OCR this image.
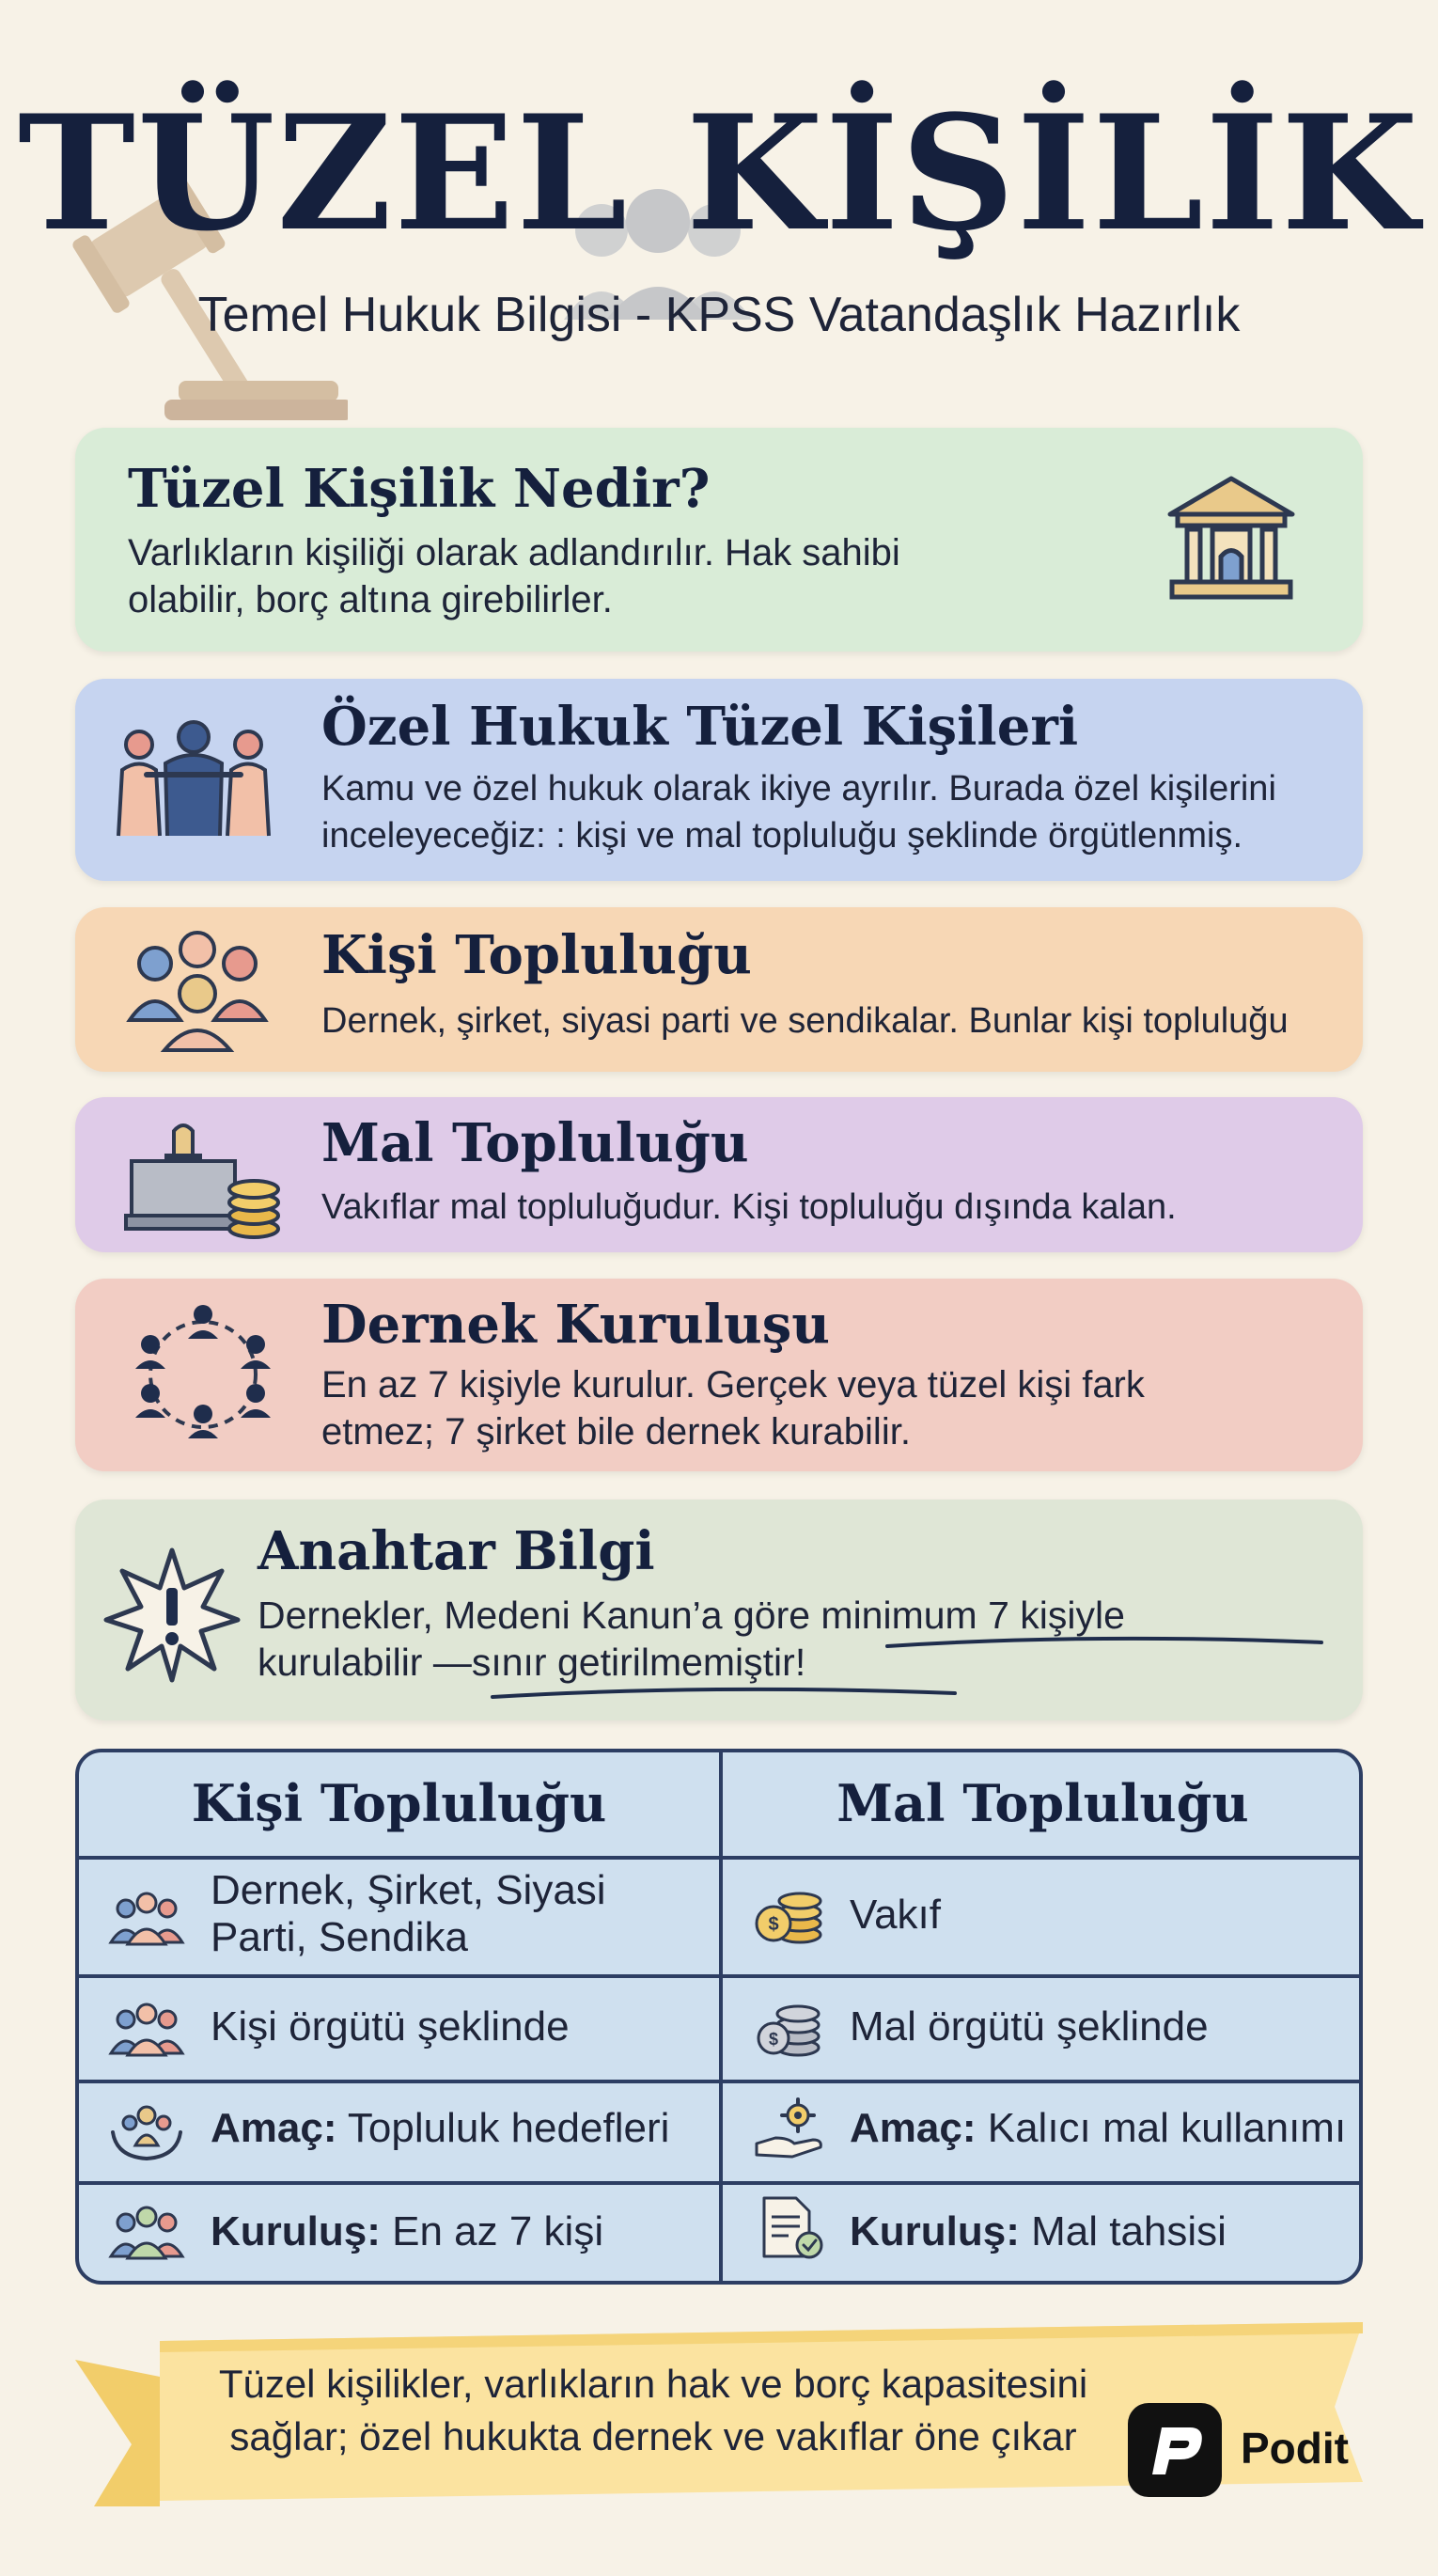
TÜZEL KİŞİLİK
Temel Hukuk Bilgisi - KPSS Vatandaşlık Hazırlık
Tüzel Kişilik Nedir?

Varlıkların kişiliği olarak adlandırılır. Hak sahibi
olabilir, borç altına girebilirler.

Özel Hukuk Tüzel Kişileri

Kamu ve özel hukuk olarak ikiye ayrılır. Burada özel kişilerini
inceleyeceğiz: : kişi ve mal topluluğu şeklinde örgütlenmiş.

Kişi Topluluğu

Dernek, şirket, siyasi parti ve sendikalar. Bunlar kişi topluluğu

Mal Topluluğu

Vakıflar mal topluluğudur. Kişi topluluğu dışında kalan.

Dernek Kuruluşu

En az 7 kişiyle kurulur. Gerçek veya tüzel kişi fark
etmez; 7 şirket bile dernek kurabilir.

Anahtar Bilgi

Dernekler, Medeni Kanun’a göre minimum 7 kişiyle
kurulabilir —sınır getirilmemiştir!

Kişi Topluluğu	Mal Topluluğu
Dernek, Şirket, Siyasi
Parti, Sendika	$ Vakıf
Kişi örgütü şeklinde	$ Mal örgütü şeklinde
Amaç: Topluluk hedefleri	Amaç: Kalıcı mal kullanımı
Kuruluş: En az 7 kişi	Kuruluş: Mal tahsisi
Tüzel kişilikler, varlıkların hak ve borç kapasitesini
sağlar; özel hukukta dernek ve vakıflar öne çıkar	Podit
